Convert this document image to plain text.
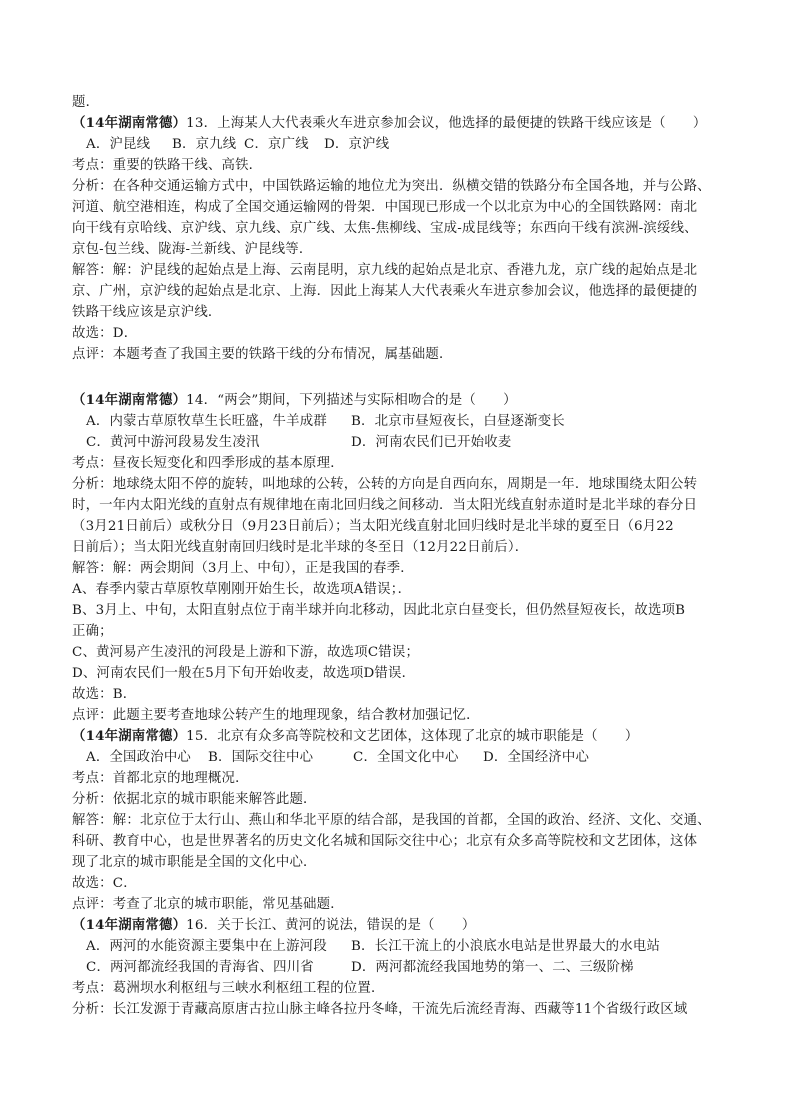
题．
（14年湖南常德）13．上海某人大代表乘火车进京参加会议，他选择的最便捷的铁路干线应该是（　　）
A．沪昆线 B．京九线 C．京广线 D．京沪线
考点：重要的铁路干线、高铁．
分析：在各种交通运输方式中，中国铁路运输的地位尤为突出．纵横交错的铁路分布全国各地，并与公路、
河道、航空港相连，构成了全国交通运输网的骨架．中国现已形成一个以北京为中心的全国铁路网：南北
向干线有京哈线、京沪线、京九线、京广线、太焦-焦柳线、宝成-成昆线等；东西向干线有滨洲-滨绥线、
京包-包兰线、陇海-兰新线、沪昆线等．
解答：解：沪昆线的起始点是上海、云南昆明，京九线的起始点是北京、香港九龙，京广线的起始点是北
京、广州，京沪线的起始点是北京、上海．因此上海某人大代表乘火车进京参加会议，他选择的最便捷的
铁路干线应该是京沪线．
故选：D．
点评：本题考查了我国主要的铁路干线的分布情况，属基础题．
（14年湖南常德）14．“两会”期间，下列描述与实际相吻合的是（　　）
A．内蒙古草原牧草生长旺盛，牛羊成群 B．北京市昼短夜长，白昼逐渐变长
C．黄河中游河段易发生凌汛	D．河南农民们已开始收麦
考点：昼夜长短变化和四季形成的基本原理．
分析：地球绕太阳不停的旋转，叫地球的公转，公转的方向是自西向东，周期是一年．地球围绕太阳公转
时，一年内太阳光线的直射点有规律地在南北回归线之间移动．当太阳光线直射赤道时是北半球的春分日
（3月21日前后）或秋分日（9月23日前后）；当太阳光线直射北回归线时是北半球的夏至日（6月22
日前后）；当太阳光线直射南回归线时是北半球的冬至日（12月22日前后）．
解答：解：两会期间（3月上、中旬），正是我国的春季．
A、春季内蒙古草原牧草刚刚开始生长，故选项A错误；．
B、3月上、中旬，太阳直射点位于南半球并向北移动，因此北京白昼变长，但仍然昼短夜长，故选项B
正确；
C、黄河易产生凌汛的河段是上游和下游，故选项C错误；
D、河南农民们一般在5月下旬开始收麦，故选项D错误．
故选：B．
点评：此题主要考查地球公转产生的地理现象，结合教材加强记忆．
（14年湖南常德）15．北京有众多高等院校和文艺团体，这体现了北京的城市职能是（　　）
A．全国政治中心 B．国际交往中心	C．全国文化中心 D．全国经济中心
考点：首都北京的地理概况．
分析：依据北京的城市职能来解答此题．
解答：解：北京位于太行山、燕山和华北平原的结合部，是我国的首都，全国的政治、经济、文化、交通、
科研、教育中心，也是世界著名的历史文化名城和国际交往中心；北京有众多高等院校和文艺团体，这体
现了北京的城市职能是全国的文化中心．
故选：C．
点评：考查了北京的城市职能，常见基础题．
（14年湖南常德）16．关于长江、黄河的说法，错误的是（　　）
A．两河的水能资源主要集中在上游河段 B．长江干流上的小浪底水电站是世界最大的水电站
C．两河都流经我国的青海省、四川省	D．两河都流经我国地势的第一、二、三级阶梯
考点：葛洲坝水利枢纽与三峡水利枢纽工程的位置．
分析：长江发源于青藏高原唐古拉山脉主峰各拉丹冬峰，干流先后流经青海、西藏等11个省级行政区域
